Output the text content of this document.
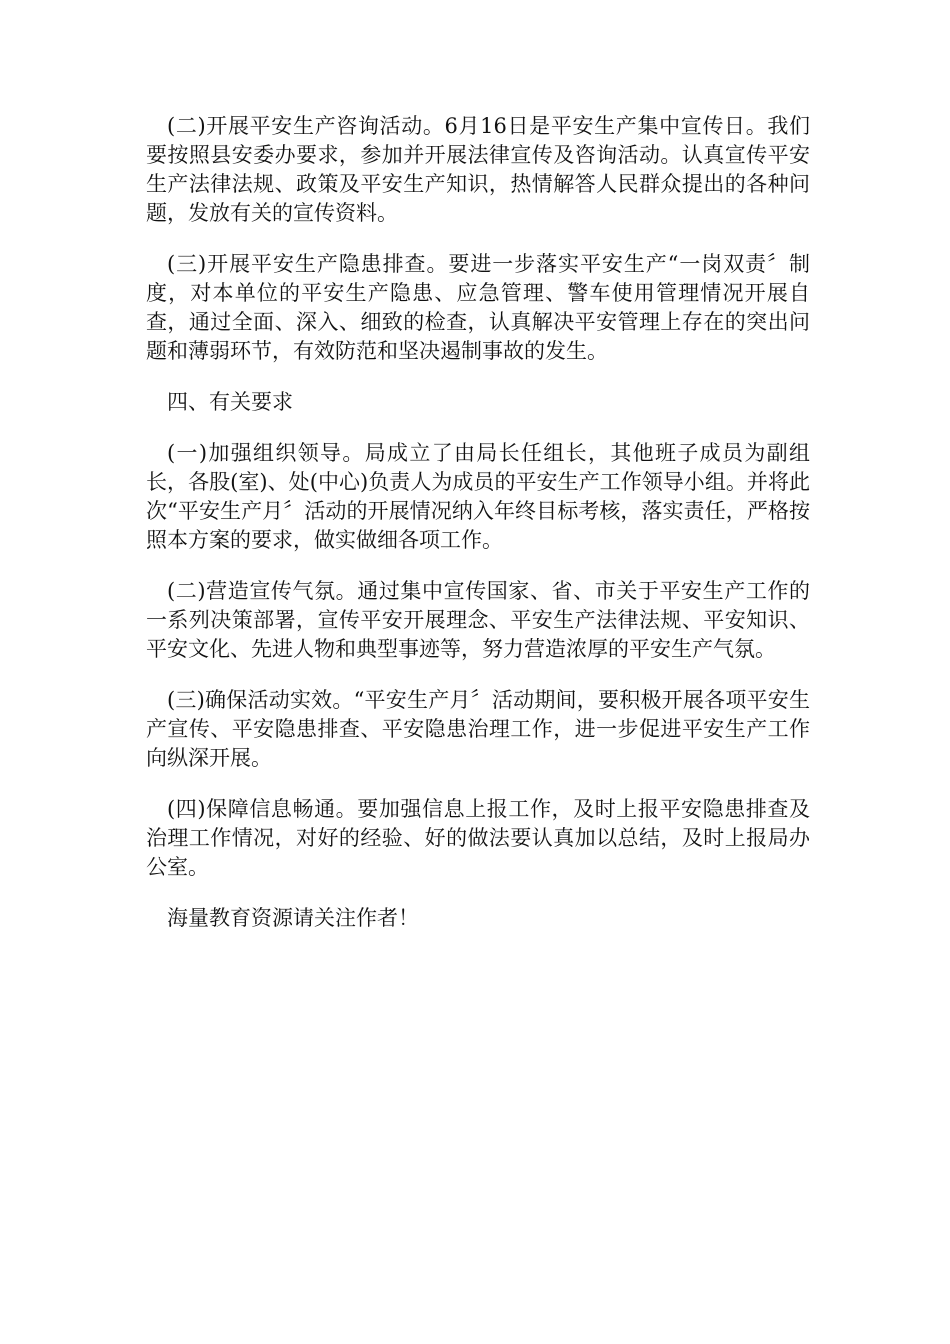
(二)开展平安生产咨询活动。6月16日是平安生产集中宣传日。我们要按照县安委办要求，参加并开展法律宣传及咨询活动。认真宣传平安生产法律法规、政策及平安生产知识，热情解答人民群众提出的各种问题，发放有关的宣传资料。

(三)开展平安生产隐患排查。要进一步落实平安生产“一岗双责〞制度，对本单位的平安生产隐患、应急管理、警车使用管理情况开展自查，通过全面、深入、细致的检查，认真解决平安管理上存在的突出问题和薄弱环节，有效防范和坚决遏制事故的发生。

四、有关要求

(一)加强组织领导。局成立了由局长任组长，其他班子成员为副组长，各股(室)、处(中心)负责人为成员的平安生产工作领导小组。并将此次“平安生产月〞活动的开展情况纳入年终目标考核，落实责任，严格按照本方案的要求，做实做细各项工作。

(二)营造宣传气氛。通过集中宣传国家、省、市关于平安生产工作的一系列决策部署，宣传平安开展理念、平安生产法律法规、平安知识、平安文化、先进人物和典型事迹等，努力营造浓厚的平安生产气氛。

(三)确保活动实效。“平安生产月〞活动期间，要积极开展各项平安生产宣传、平安隐患排查、平安隐患治理工作，进一步促进平安生产工作向纵深开展。

(四)保障信息畅通。要加强信息上报工作，及时上报平安隐患排查及治理工作情况，对好的经验、好的做法要认真加以总结，及时上报局办公室。

海量教育资源请关注作者！
